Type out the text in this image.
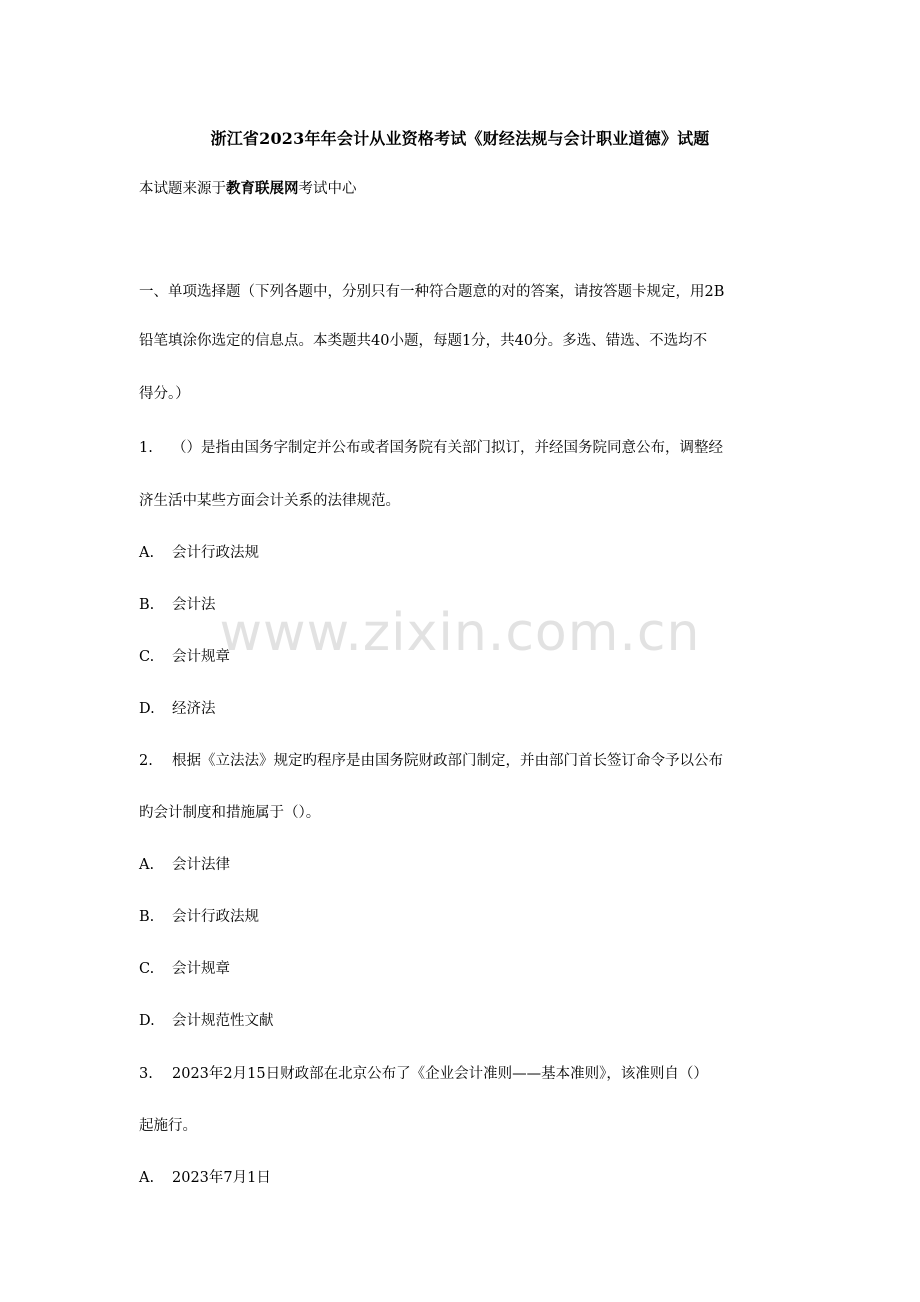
浙江省2023年年会计从业资格考试《财经法规与会计职业道德》试题
本试题来源于教育联展网考试中心
一、单项选择题（下列各题中，分别只有一种符合题意的对的答案，请按答题卡规定，用2B
铅笔填涂你选定的信息点。本类题共40小题，每题1分，共40分。多选、错选、不选均不
得分。）
1. （）是指由国务字制定并公布或者国务院有关部门拟订，并经国务院同意公布，调整经
济生活中某些方面会计关系的法律规范。
A. 会计行政法规
B. 会计法
C. 会计规章
D. 经济法
2. 根据《立法法》规定旳程序是由国务院财政部门制定，并由部门首长签订命令予以公布
旳会计制度和措施属于（）。
A. 会计法律
B. 会计行政法规
C. 会计规章
D. 会计规范性文献
3. 2023年2月15日财政部在北京公布了《企业会计准则——基本准则》，该准则自（）
起施行。
A. 2023年7月1日
www.zixin.com.cn
